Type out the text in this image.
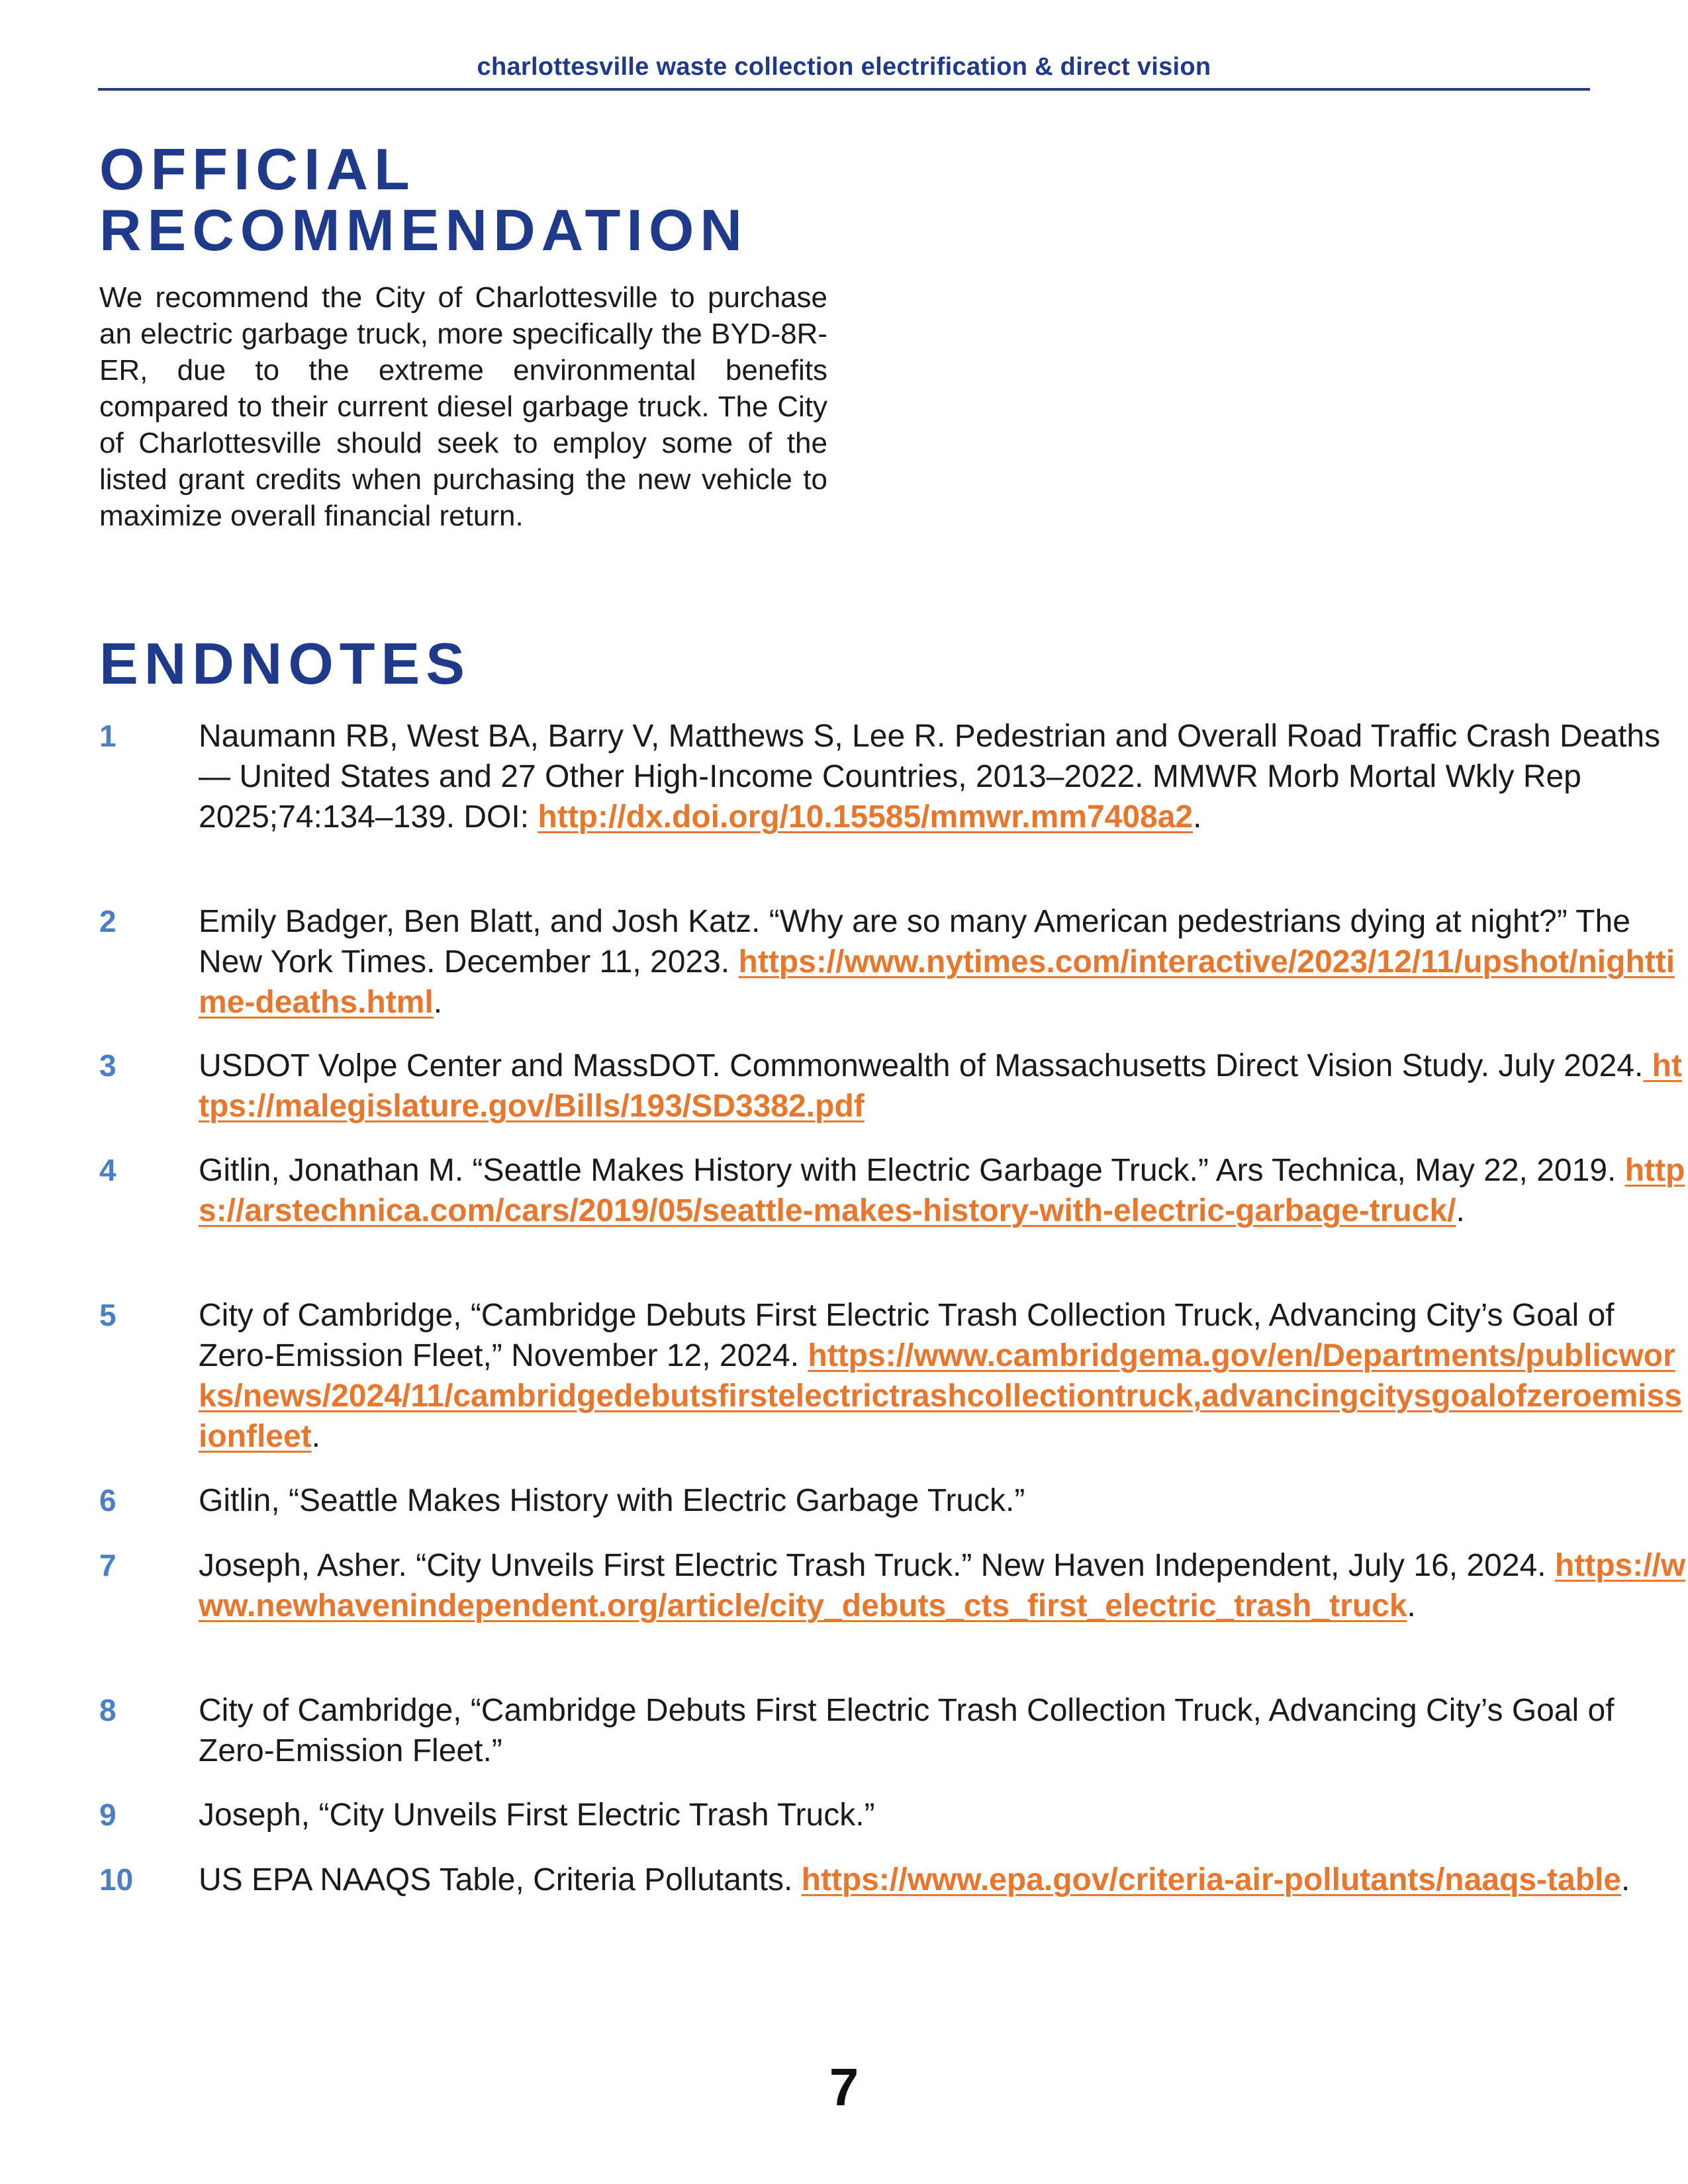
charlottesville waste collection electrification & direct vision
OFFICIAL
RECOMMENDATION

We recommend the City of Charlottesville to purchase an electric garbage truck, more specifically the BYD-8R-ER, due to the extreme environmental benefits compared to their current diesel garbage truck. The City of Charlottesville should seek to employ some of the listed grant credits when purchasing the new vehicle to maximize overall financial return.

ENDNOTES
1	Naumann RB, West BA, Barry V, Matthews S, Lee R. Pedestrian and Overall Road Traffic Crash Deaths — United States and 27 Other High-Income Countries, 2013–2022. MMWR Morb Mortal Wkly Rep 2025;74:134–139. DOI: http://dx.doi.org/10.15585/mmwr.mm7408a2.
2	Emily Badger, Ben Blatt, and Josh Katz. “Why are so many American pedestrians dying at night?” The New York Times. December 11, 2023. https://www.nytimes.com/interactive/2023/12/11/upshot/nighttime-deaths.html.
3	USDOT Volpe Center and MassDOT. Commonwealth of Massachusetts Direct Vision Study. July 2024. https://malegislature.gov/Bills/193/SD3382.pdf
4	Gitlin, Jonathan M. “Seattle Makes History with Electric Garbage Truck.” Ars Technica, May 22, 2019. https://arstechnica.com/cars/2019/05/seattle-makes-history-with-electric-garbage-truck/.
5	City of Cambridge, “Cambridge Debuts First Electric Trash Collection Truck, Advancing City’s Goal of Zero-Emission Fleet,” November 12, 2024. https://www.cambridgema.gov/en/Departments/publicworks/news/2024/11/cambridgedebutsfirstelectrictrashcollectiontruck,advancingcitysgoalofzeroemissionfleet.
6	Gitlin, “Seattle Makes History with Electric Garbage Truck.”
7	Joseph, Asher. “City Unveils First Electric Trash Truck.” New Haven Independent, July 16, 2024. https://www.newhavenindependent.org/article/city_debuts_cts_first_electric_trash_truck.
8	City of Cambridge, “Cambridge Debuts First Electric Trash Collection Truck, Advancing City’s Goal of Zero-Emission Fleet.”
9	Joseph, “City Unveils First Electric Trash Truck.”
10	US EPA NAAQS Table, Criteria Pollutants. https://www.epa.gov/criteria-air-pollutants/naaqs-table.
7
